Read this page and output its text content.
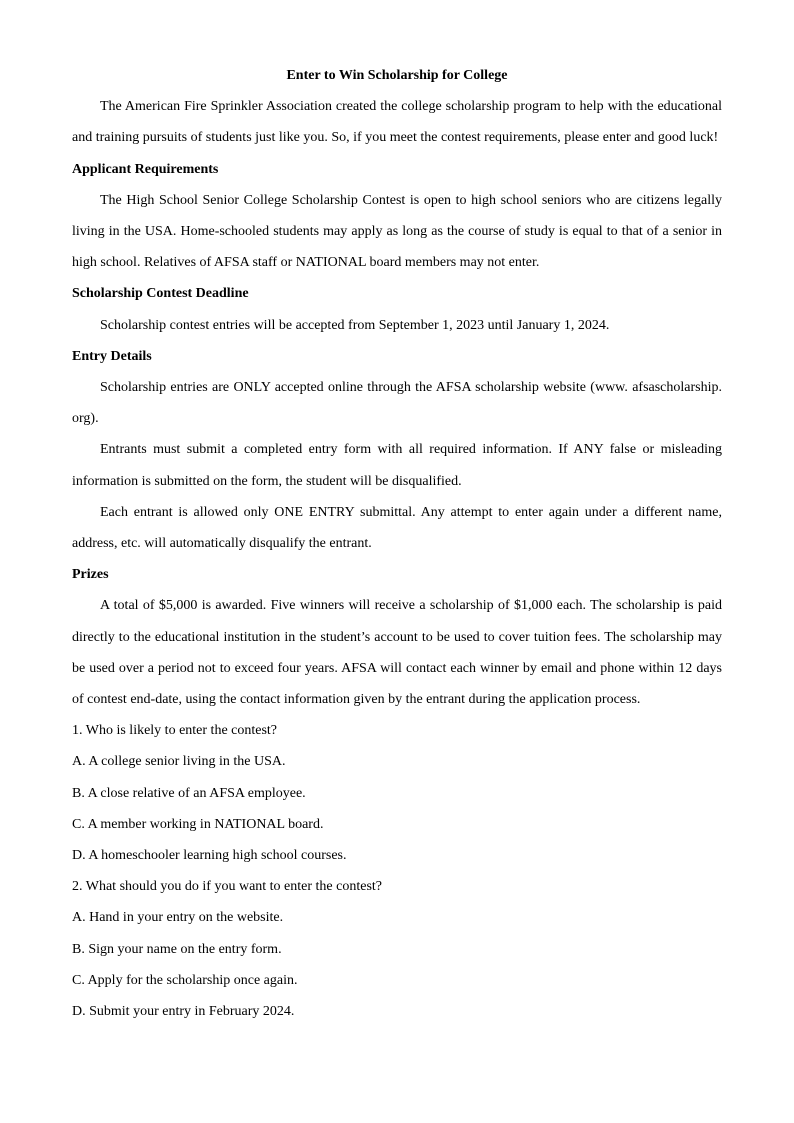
Enter to Win Scholarship for College

The American Fire Sprinkler Association created the college scholarship program to help with the educational and training pursuits of students just like you. So, if you meet the contest requirements, please enter and good luck!

Applicant Requirements

The High School Senior College Scholarship Contest is open to high school seniors who are citizens legally living in the USA. Home-schooled students may apply as long as the course of study is equal to that of a senior in high school. Relatives of AFSA staff or NATIONAL board members may not enter.

Scholarship Contest Deadline

Scholarship contest entries will be accepted from September 1, 2023 until January 1, 2024.

Entry Details

Scholarship entries are ONLY accepted online through the AFSA scholarship website (www. afsascholarship. org).

Entrants must submit a completed entry form with all required information. If ANY false or misleading information is submitted on the form, the student will be disqualified.

Each entrant is allowed only ONE ENTRY submittal. Any attempt to enter again under a different name, address, etc. will automatically disqualify the entrant.

Prizes

A total of $5,000 is awarded. Five winners will receive a scholarship of $1,000 each. The scholarship is paid directly to the educational institution in the student’s account to be used to cover tuition fees. The scholarship may be used over a period not to exceed four years. AFSA will contact each winner by email and phone within 12 days of contest end-date, using the contact information given by the entrant during the application process.

1. Who is likely to enter the contest?

A. A college senior living in the USA.

B. A close relative of an AFSA employee.

C. A member working in NATIONAL board.

D. A homeschooler learning high school courses.

2. What should you do if you want to enter the contest?

A. Hand in your entry on the website.

B. Sign your name on the entry form.

C. Apply for the scholarship once again.

D. Submit your entry in February 2024.
